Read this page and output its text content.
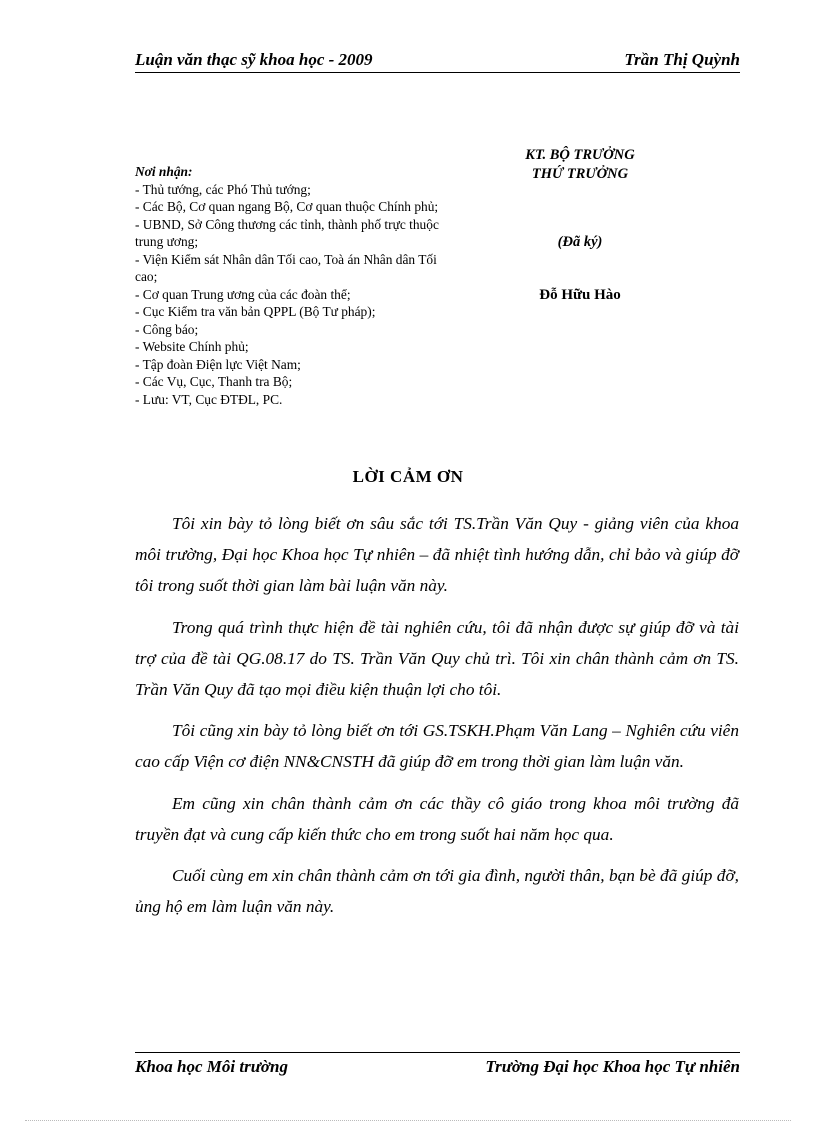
Luận văn thạc sỹ khoa học - 2009	Trần Thị Quỳnh
Nơi nhận:
- Thủ tướng, các Phó Thủ tướng;
- Các Bộ, Cơ quan ngang Bộ, Cơ quan thuộc Chính phủ;
- UBND, Sở Công thương các tỉnh, thành phố trực thuộc trung ương;
- Viện Kiểm sát Nhân dân Tối cao, Toà án Nhân dân Tối cao;
- Cơ quan Trung ương của các đoàn thể;
- Cục Kiểm tra văn bản QPPL (Bộ Tư pháp);
- Công báo;
- Website Chính phủ;
- Tập đoàn Điện lực Việt Nam;
- Các Vụ, Cục, Thanh tra Bộ;
- Lưu: VT, Cục ĐTĐL, PC.
KT. BỘ TRƯỞNG
THỨ TRƯỞNG
(Đã ký)
Đỗ Hữu Hào
LỜI CẢM ƠN

Tôi xin bày tỏ lòng biết ơn sâu sắc tới TS.Trần Văn Quy - giảng viên của khoa môi trường, Đại học Khoa học Tự nhiên – đã nhiệt tình hướng dẫn, chỉ bảo và giúp đỡ tôi trong suốt thời gian làm bài luận văn này.

Trong quá trình thực hiện đề tài nghiên cứu, tôi đã nhận được sự giúp đỡ và tài trợ của đề tài QG.08.17 do TS. Trần Văn Quy chủ trì. Tôi xin chân thành cảm ơn TS. Trần Văn Quy đã tạo mọi điều kiện thuận lợi cho tôi.

Tôi cũng xin bày tỏ lòng biết ơn tới GS.TSKH.Phạm Văn Lang – Nghiên cứu viên cao cấp Viện cơ điện NN&CNSTH đã giúp đỡ em trong thời gian làm luận văn.

Em cũng xin chân thành cảm ơn các thầy cô giáo trong khoa môi trường đã truyền đạt và cung cấp kiến thức cho em trong suốt hai năm học qua.

Cuối cùng em xin chân thành cảm ơn tới gia đình, người thân, bạn bè đã giúp đỡ, ủng hộ em làm luận văn này.

Khoa học Môi trường	Trường Đại học Khoa học Tự nhiên
